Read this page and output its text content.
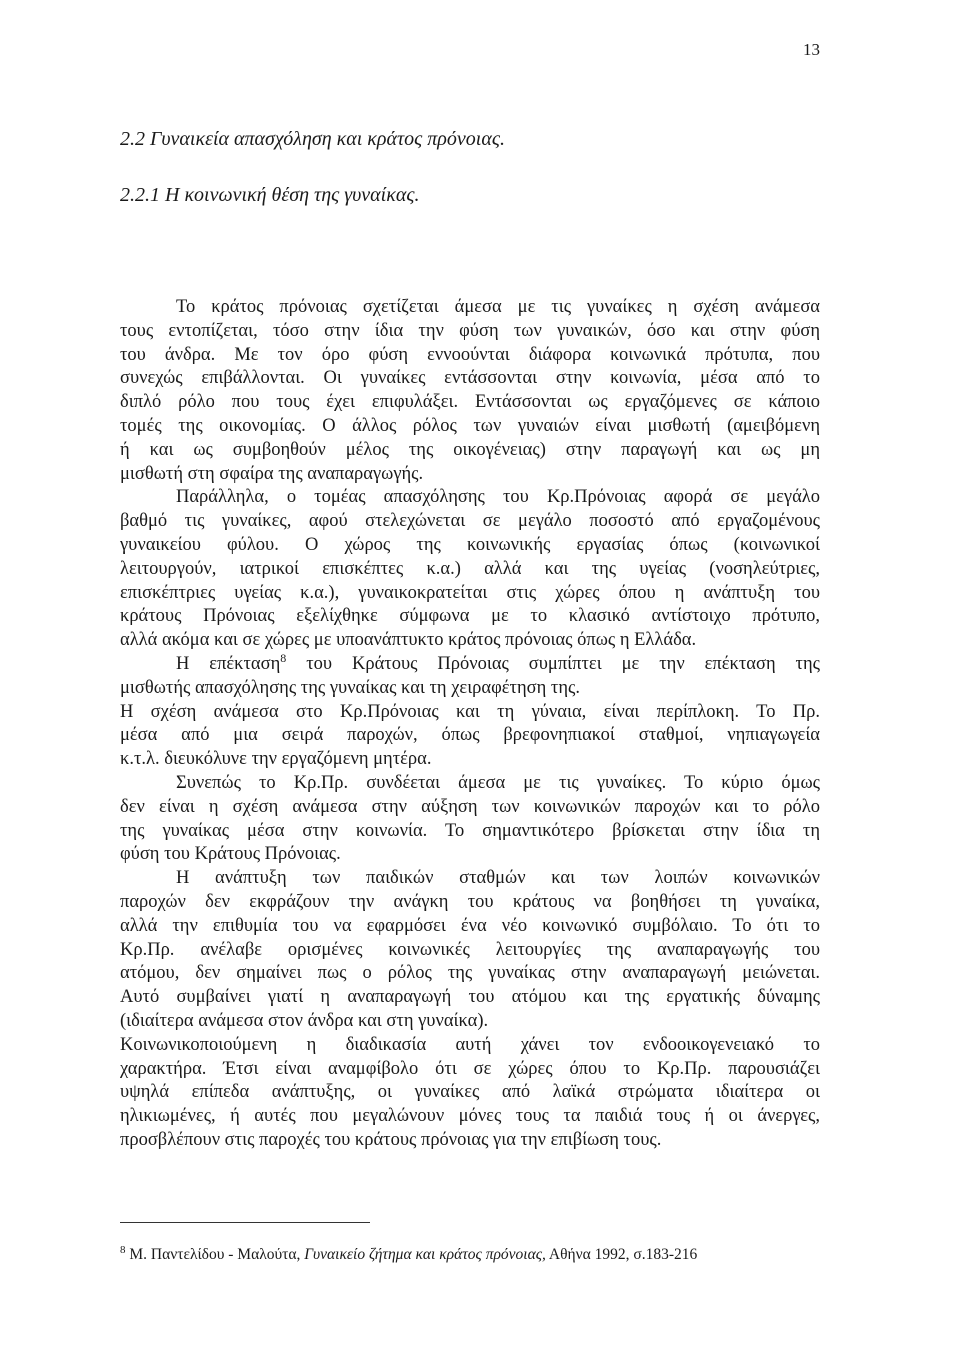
13
2.2 Γυναικεία απασχόληση και κράτος πρόνοιας.
2.2.1 Η κοινωνική θέση της γυναίκας.
Το κράτος πρόνοιας σχετίζεται άμεσα με τις γυναίκες η σχέση ανάμεσα
τους εντοπίζεται, τόσο στην ίδια την φύση των γυναικών, όσο και στην φύση
του άνδρα. Με τον όρο φύση εννοούνται διάφορα κοινωνικά πρότυπα, που
συνεχώς επιβάλλονται. Οι γυναίκες εντάσσονται στην κοινωνία, μέσα από το
διπλό ρόλο που τους έχει επιφυλάξει. Εντάσσονται ως εργαζόμενες σε κάποιο
τομές της οικονομίας. Ο άλλος ρόλος των γυναιών είναι μισθωτή (αμειβόμενη
ή και ως συμβοηθούν μέλος της οικογένειας) στην παραγωγή και ως μη
μισθωτή στη σφαίρα της αναπαραγωγής.
Παράλληλα, ο τομέας απασχόλησης του Κρ.Πρόνοιας αφορά σε μεγάλο
βαθμό τις γυναίκες, αφού στελεχώνεται σε μεγάλο ποσοστό από εργαζομένους
γυναικείου φύλου. Ο χώρος της κοινωνικής εργασίας όπως (κοινωνικοί
λειτουργούν, ιατρικοί επισκέπτες κ.α.) αλλά και της υγείας (νοσηλεύτριες,
επισκέπτριες υγείας κ.α.), γυναικοκρατείται στις χώρες όπου η ανάπτυξη του
κράτους Πρόνοιας εξελίχθηκε σύμφωνα με το κλασικό αντίστοιχο πρότυπο,
αλλά ακόμα και σε χώρες με υποανάπτυκτο κράτος πρόνοιας όπως η Ελλάδα.
Η επέκταση$^8$ του Κράτους Πρόνοιας συμπίπτει με την επέκταση της
μισθωτής απασχόλησης της γυναίκας και τη χειραφέτηση της.
Η σχέση ανάμεσα στο Κρ.Πρόνοιας και τη γύναια, είναι περίπλοκη. Το Πρ.
μέσα από μια σειρά παροχών, όπως βρεφονηπιακοί σταθμοί, νηπιαγωγεία
κ.τ.λ. διευκόλυνε την εργαζόμενη μητέρα.
Συνεπώς το Κρ.Πρ. συνδέεται άμεσα με τις γυναίκες. Το κύριο όμως
δεν είναι η σχέση ανάμεσα στην αύξηση των κοινωνικών παροχών και το ρόλο
της γυναίκας μέσα στην κοινωνία. Το σημαντικότερο βρίσκεται στην ίδια τη
φύση του Κράτους Πρόνοιας.
Η ανάπτυξη των παιδικών σταθμών και των λοιπών κοινωνικών
παροχών δεν εκφράζουν την ανάγκη του κράτους να βοηθήσει τη γυναίκα,
αλλά την επιθυμία του να εφαρμόσει ένα νέο κοινωνικό συμβόλαιο. Το ότι το
Κρ.Πρ. ανέλαβε ορισμένες κοινωνικές λειτουργίες της αναπαραγωγής του
ατόμου, δεν σημαίνει πως ο ρόλος της γυναίκας στην αναπαραγωγή μειώνεται.
Αυτό συμβαίνει γιατί η αναπαραγωγή του ατόμου και της εργατικής δύναμης
(ιδιαίτερα ανάμεσα στον άνδρα και στη γυναίκα).
Κοινωνικοποιούμενη η διαδικασία αυτή χάνει τον ενδοοικογενειακό το
χαρακτήρα. Έτσι είναι αναμφίβολο ότι σε χώρες όπου το Κρ.Πρ. παρουσιάζει
υψηλά επίπεδα ανάπτυξης, οι γυναίκες από λαϊκά στρώματα ιδιαίτερα οι
ηλικιωμένες, ή αυτές που μεγαλώνουν μόνες τους τα παιδιά τους ή οι άνεργες,
προσβλέπουν στις παροχές του κράτους πρόνοιας για την επιβίωση τους.
$^8$ Μ. Παντελίδου - Μαλούτα, Γυναικείο ζήτημα και κράτος πρόνοιας, Αθήνα 1992, σ.183-216
